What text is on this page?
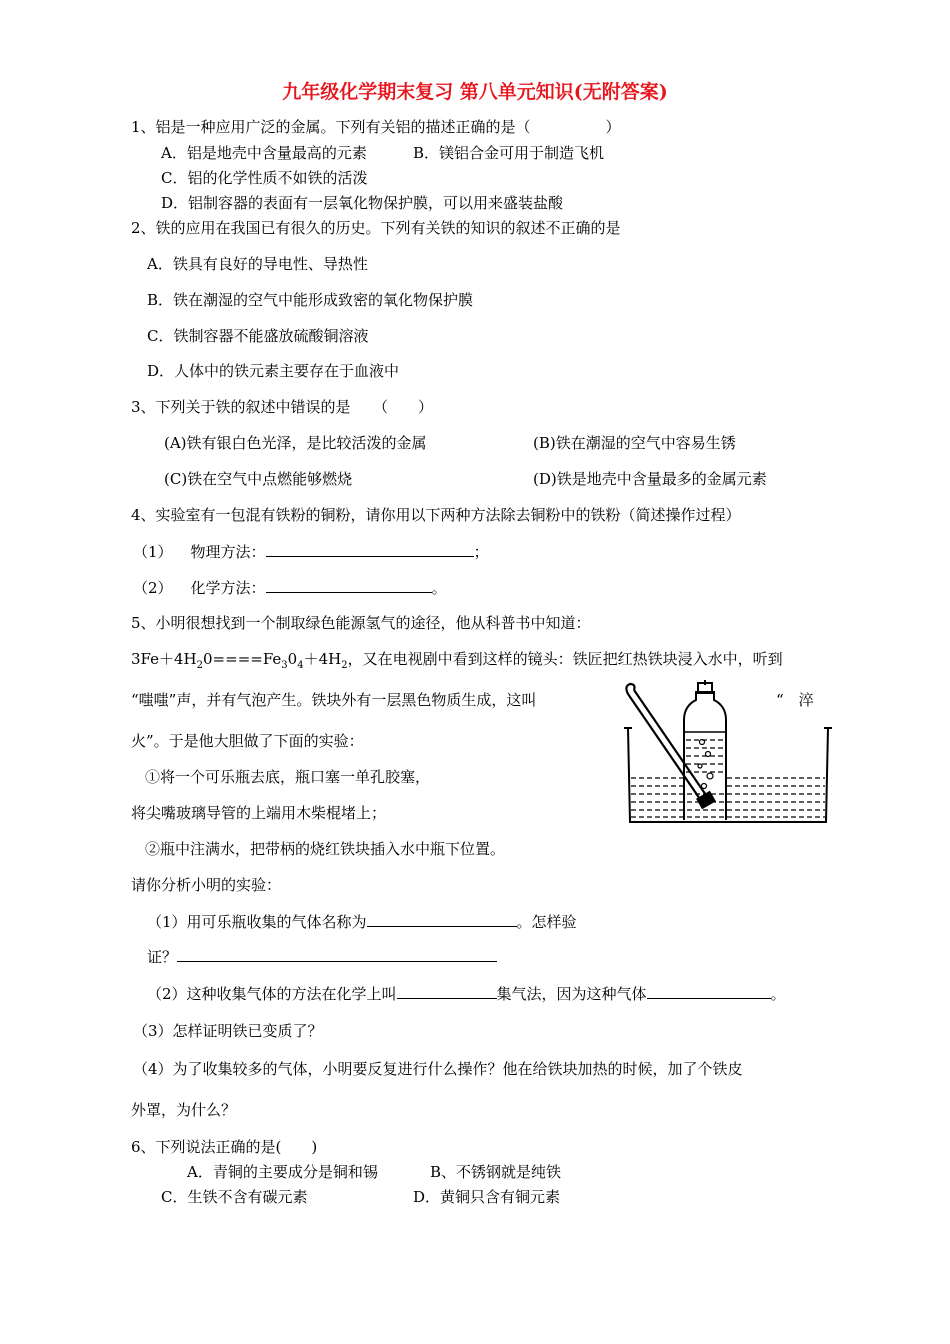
九年级化学期末复习 第八单元知识(无附答案)
1、铝是一种应用广泛的金属。下列有关铝的描述正确的是（　　　　　）
A．铝是地壳中含量最高的元素	B．镁铝合金可用于制造飞机
C．铝的化学性质不如铁的活泼
D．铝制容器的表面有一层氧化物保护膜，可以用来盛装盐酸
2、铁的应用在我国已有很久的历史。下列有关铁的知识的叙述不正确的是
A．铁具有良好的导电性、导热性
B．铁在潮湿的空气中能形成致密的氧化物保护膜
C．铁制容器不能盛放硫酸铜溶液
D．人体中的铁元素主要存在于血液中
3、下列关于铁的叙述中错误的是　　（　　）
(A)铁有银白色光泽，是比较活泼的金属	(B)铁在潮湿的空气中容易生锈
(C)铁在空气中点燃能够燃烧	(D)铁是地壳中含量最多的金属元素
4、实验室有一包混有铁粉的铜粉，请你用以下两种方法除去铜粉中的铁粉（简述操作过程）
（1） 物理方法：	；
（2） 化学方法：	。
5、小明很想找到一个制取绿色能源氢气的途径，他从科普书中知道：
$3Fe+4H_20====Fe_30_4+4H_2$，又在电视剧中看到这样的镜头：铁匠把红热铁块浸入水中，听到
“嗤嗤”声，并有气泡产生。铁块外有一层黑色物质生成，这叫	“　淬
火”。于是他大胆做了下面的实验：
①将一个可乐瓶去底，瓶口塞一单孔胶塞，
将尖嘴玻璃导管的上端用木柴棍堵上；
②瓶中注满水，把带柄的烧红铁块插入水中瓶下位置。
请你分析小明的实验：
（1）用可乐瓶收集的气体名称为	。怎样验
证？
（2）这种收集气体的方法在化学上叫	集气法，因为这种气体	。
（3）怎样证明铁已变质了？
（4）为了收集较多的气体，小明要反复进行什么操作？他在给铁块加热的时候，加了个铁皮
外罩，为什么？
6、下列说法正确的是(　　)
A．青铜的主要成分是铜和锡	B、不锈钢就是纯铁
C．生铁不含有碳元素	D．黄铜只含有铜元素
